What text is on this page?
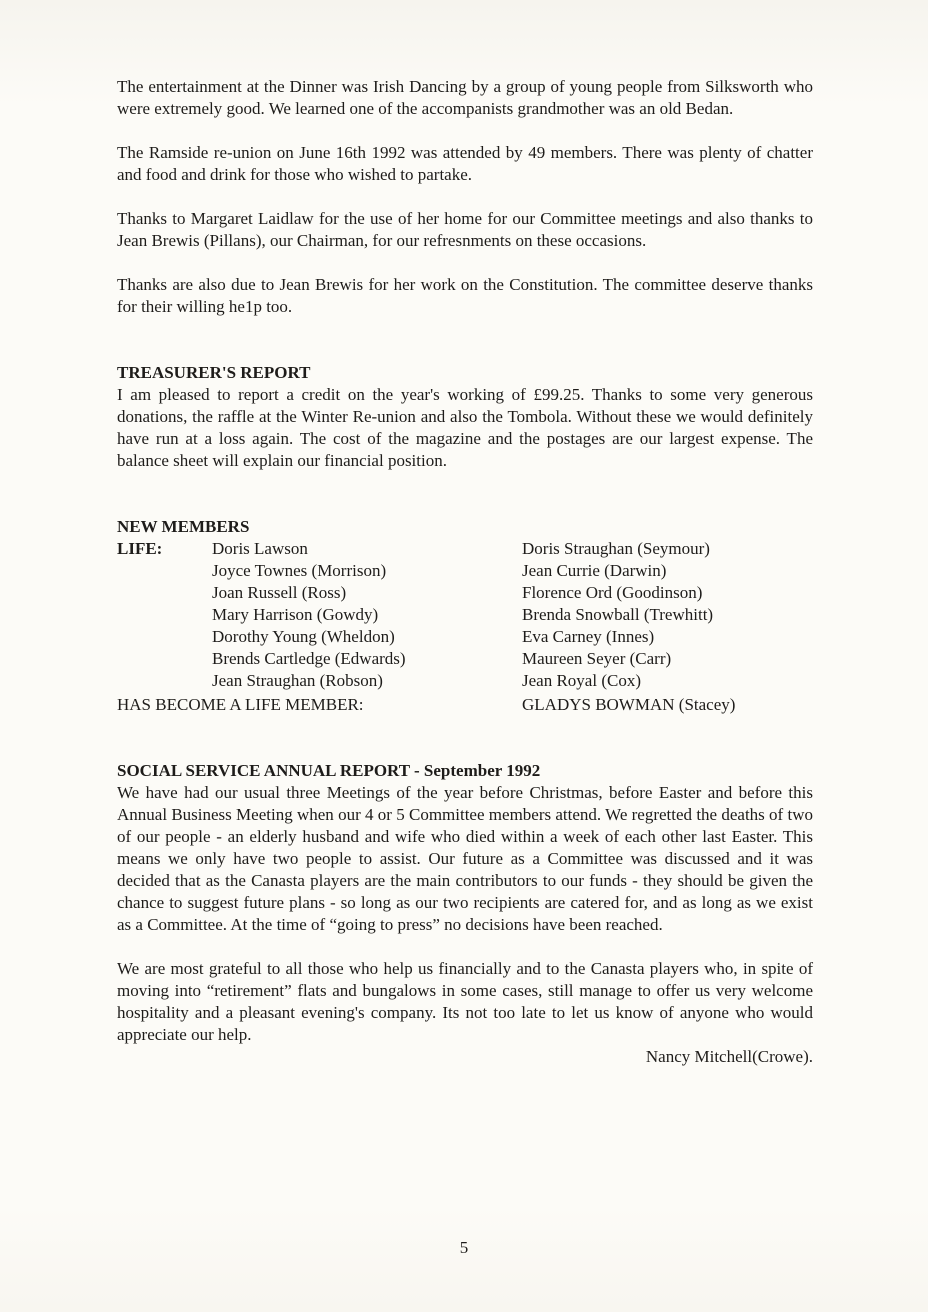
The entertainment at the Dinner was Irish Dancing by a group of young people from Silksworth who were extremely good. We learned one of the accompanists grandmother was an old Bedan.

The Ramside re-union on June 16th 1992 was attended by 49 members. There was plenty of chatter and food and drink for those who wished to partake.

Thanks to Margaret Laidlaw for the use of her home for our Committee meetings and also thanks to Jean Brewis (Pillans), our Chairman, for our refresnments on these occasions.

Thanks are also due to Jean Brewis for her work on the Constitution. The committee deserve thanks for their willing he1p too.

TREASURER'S REPORT

I am pleased to report a credit on the year's working of £99.25. Thanks to some very generous donations, the raffle at the Winter Re-union and also the Tombola. Without these we would definitely have run at a loss again. The cost of the magazine and the postages are our largest expense. The balance sheet will explain our financial position.

NEW MEMBERS
LIFE:	Doris Lawson
Joyce Townes (Morrison)
Joan Russell (Ross)
Mary Harrison (Gowdy)
Dorothy Young (Wheldon)
Brends Cartledge (Edwards)
Jean Straughan (Robson)
Doris Straughan (Seymour)
Jean Currie (Darwin)
Florence Ord (Goodinson)
Brenda Snowball (Trewhitt)
Eva Carney (Innes)
Maureen Seyer (Carr)
Jean Royal (Cox)
HAS BECOME A LIFE MEMBER:	GLADYS BOWMAN (Stacey)
SOCIAL SERVICE ANNUAL REPORT - September 1992

We have had our usual three Meetings of the year before Christmas, before Easter and before this Annual Business Meeting when our 4 or 5 Committee members attend. We regretted the deaths of two of our people - an elderly husband and wife who died within a week of each other last Easter. This means we only have two people to assist. Our future as a Committee was discussed and it was decided that as the Canasta players are the main contributors to our funds - they should be given the chance to suggest future plans - so long as our two recipients are catered for, and as long as we exist as a Committee. At the time of “going to press” no decisions have been reached.

We are most grateful to all those who help us financially and to the Canasta players who, in spite of moving into “retirement” flats and bungalows in some cases, still manage to offer us very welcome hospitality and a pleasant evening's company. Its not too late to let us know of anyone who would appreciate our help.

Nancy Mitchell(Crowe).
5
